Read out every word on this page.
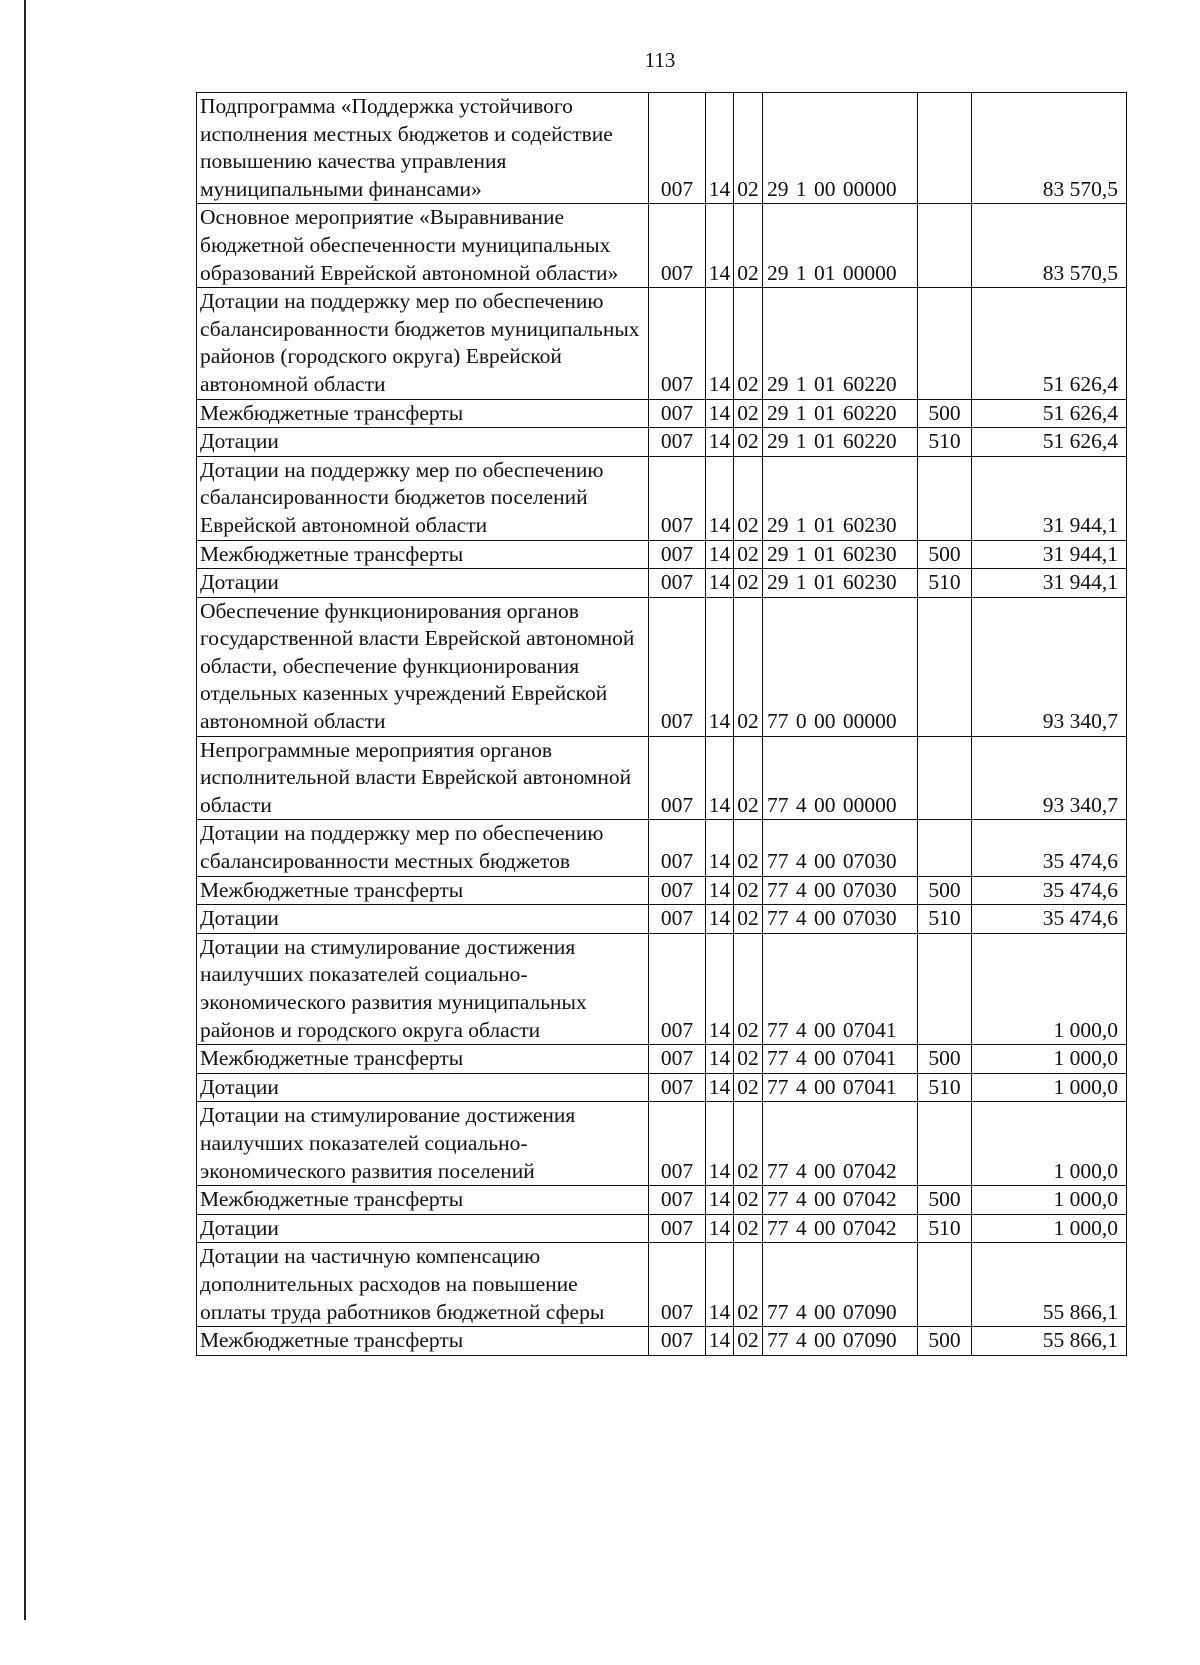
113
Подпрограмма «Поддержка устойчивого исполнения местных бюджетов и содействие повышению качества управления муниципальными финансами»	007	14	02	29 1 00 00000		83 570,5
Основное мероприятие «Выравнивание бюджетной обеспеченности муниципальных образований Еврейской автономной области»	007	14	02	29 1 01 00000		83 570,5
Дотации на поддержку мер по обеспечению сбалансированности бюджетов муниципальных районов (городского округа) Еврейской автономной области	007	14	02	29 1 01 60220		51 626,4
Межбюджетные трансферты	007	14	02	29 1 01 60220	500	51 626,4
Дотации	007	14	02	29 1 01 60220	510	51 626,4
Дотации на поддержку мер по обеспечению сбалансированности бюджетов поселений Еврейской автономной области	007	14	02	29 1 01 60230		31 944,1
Межбюджетные трансферты	007	14	02	29 1 01 60230	500	31 944,1
Дотации	007	14	02	29 1 01 60230	510	31 944,1
Обеспечение функционирования органов государственной власти Еврейской автономной области, обеспечение функционирования отдельных казенных учреждений Еврейской автономной области	007	14	02	77 0 00 00000		93 340,7
Непрограммные мероприятия органов исполнительной власти Еврейской автономной области	007	14	02	77 4 00 00000		93 340,7
Дотации на поддержку мер по обеспечению сбалансированности местных бюджетов	007	14	02	77 4 00 07030		35 474,6
Межбюджетные трансферты	007	14	02	77 4 00 07030	500	35 474,6
Дотации	007	14	02	77 4 00 07030	510	35 474,6
Дотации на стимулирование достижения наилучших показателей социально-экономического развития муниципальных районов и городского округа области	007	14	02	77 4 00 07041		1 000,0
Межбюджетные трансферты	007	14	02	77 4 00 07041	500	1 000,0
Дотации	007	14	02	77 4 00 07041	510	1 000,0
Дотации на стимулирование достижения наилучших показателей социально-экономического развития поселений	007	14	02	77 4 00 07042		1 000,0
Межбюджетные трансферты	007	14	02	77 4 00 07042	500	1 000,0
Дотации	007	14	02	77 4 00 07042	510	1 000,0
Дотации на частичную компенсацию дополнительных расходов на повышение оплаты труда работников бюджетной сферы	007	14	02	77 4 00 07090		55 866,1
Межбюджетные трансферты	007	14	02	77 4 00 07090	500	55 866,1
